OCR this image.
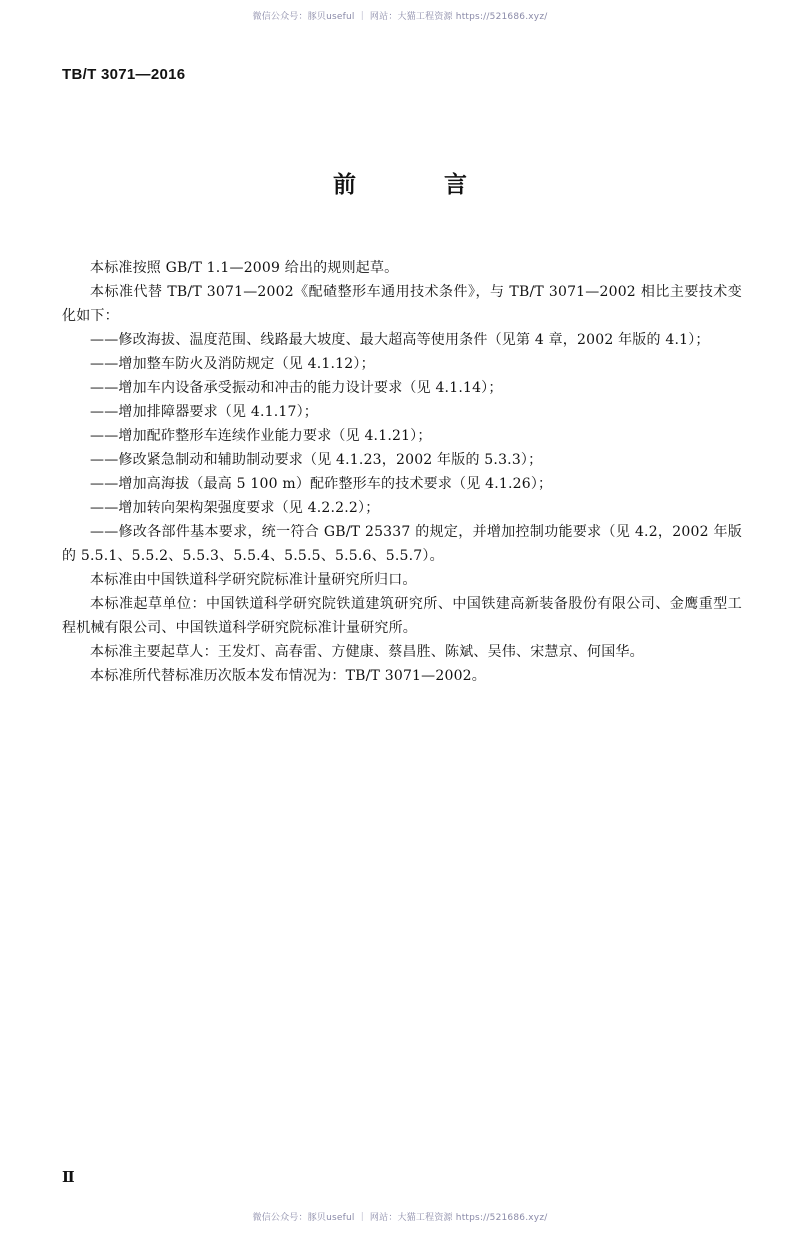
微信公众号：豚贝useful ｜ 网站：大猫工程资源 https://521686.xyz/
TB/T 3071—2016
前 言

本标准按照 GB/T 1.1—2009 给出的规则起草。

本标准代替 TB/T 3071—2002《配碴整形车通用技术条件》，与 TB/T 3071—2002 相比主要技术变化如下：

——修改海拔、温度范围、线路最大坡度、最大超高等使用条件（见第 4 章，2002 年版的 4.1）；

——增加整车防火及消防规定（见 4.1.12）；

——增加车内设备承受振动和冲击的能力设计要求（见 4.1.14）；

——增加排障器要求（见 4.1.17）；

——增加配砟整形车连续作业能力要求（见 4.1.21）；

——修改紧急制动和辅助制动要求（见 4.1.23，2002 年版的 5.3.3）；

——增加高海拔（最高 5 100 m）配砟整形车的技术要求（见 4.1.26）；

——增加转向架构架强度要求（见 4.2.2.2）；

——修改各部件基本要求，统一符合 GB/T 25337 的规定，并增加控制功能要求（见 4.2，2002 年版的 5.5.1、5.5.2、5.5.3、5.5.4、5.5.5、5.5.6、5.5.7）。

本标准由中国铁道科学研究院标准计量研究所归口。

本标准起草单位：中国铁道科学研究院铁道建筑研究所、中国铁建高新装备股份有限公司、金鹰重型工程机械有限公司、中国铁道科学研究院标准计量研究所。

本标准主要起草人：王发灯、高春雷、方健康、蔡昌胜、陈斌、吴伟、宋慧京、何国华。

本标准所代替标准历次版本发布情况为：TB/T 3071—2002。

Ⅱ
微信公众号：豚贝useful ｜ 网站：大猫工程资源 https://521686.xyz/
